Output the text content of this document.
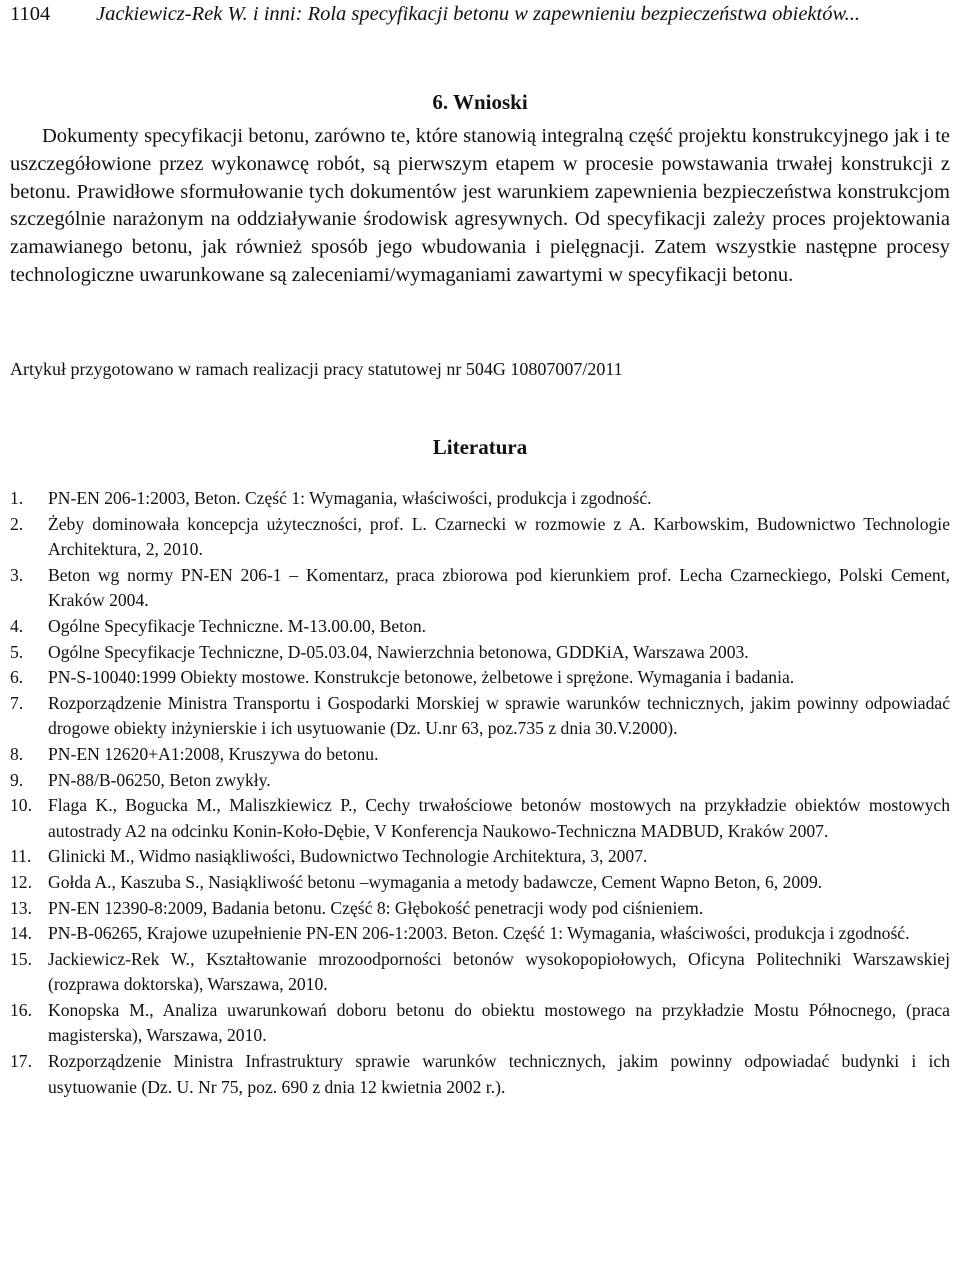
1104 Jackiewicz-Rek W. i inni: Rola specyfikacji betonu w zapewnieniu bezpieczeństwa obiektów...
6. Wnioski
Dokumenty specyfikacji betonu, zarówno te, które stanowią integralną część projektu konstrukcyjnego jak i te uszczegółowione przez wykonawcę robót, są pierwszym etapem w procesie powstawania trwałej konstrukcji z betonu. Prawidłowe sformułowanie tych dokumentów jest warunkiem zapewnienia bezpieczeństwa konstrukcjom szczególnie narażonym na oddziaływanie środowisk agresywnych. Od specyfikacji zależy proces projektowania zamawianego betonu, jak również sposób jego wbudowania i pielęgnacji. Zatem wszystkie następne procesy technologiczne uwarunkowane są zaleceniami/wymaganiami zawartymi w specyfikacji betonu.
Artykuł przygotowano w ramach realizacji pracy statutowej nr 504G 10807007/2011
Literatura
1. PN-EN 206-1:2003, Beton. Część 1: Wymagania, właściwości, produkcja i zgodność.
2. Żeby dominowała koncepcja użyteczności, prof. L. Czarnecki w rozmowie z A. Karbowskim, Budownictwo Technologie Architektura, 2, 2010.
3. Beton wg normy PN-EN 206-1 – Komentarz, praca zbiorowa pod kierunkiem prof. Lecha Czarneckiego, Polski Cement, Kraków 2004.
4. Ogólne Specyfikacje Techniczne. M-13.00.00, Beton.
5. Ogólne Specyfikacje Techniczne, D-05.03.04, Nawierzchnia betonowa, GDDKiA, Warszawa 2003.
6. PN-S-10040:1999 Obiekty mostowe. Konstrukcje betonowe, żelbetowe i sprężone. Wymagania i badania.
7. Rozporządzenie Ministra Transportu i Gospodarki Morskiej w sprawie warunków technicznych, jakim powinny odpowiadać drogowe obiekty inżynierskie i ich usytuowanie (Dz. U.nr 63, poz.735 z dnia 30.V.2000).
8. PN-EN 12620+A1:2008, Kruszywa do betonu.
9. PN-88/B-06250, Beton zwykły.
10. Flaga K., Bogucka M., Maliszkiewicz P., Cechy trwałościowe betonów mostowych na przykładzie obiektów mostowych autostrady A2 na odcinku Konin-Koło-Dębie, V Konferencja Naukowo-Techniczna MADBUD, Kraków 2007.
11. Glinicki M., Widmo nasiąkliwości, Budownictwo Technologie Architektura, 3, 2007.
12. Gołda A., Kaszuba S., Nasiąkliwość betonu –wymagania a metody badawcze, Cement Wapno Beton, 6, 2009.
13. PN-EN 12390-8:2009, Badania betonu. Część 8: Głębokość penetracji wody pod ciśnieniem.
14. PN-B-06265, Krajowe uzupełnienie PN-EN 206-1:2003. Beton. Część 1: Wymagania, właściwości, produkcja i zgodność.
15. Jackiewicz-Rek W., Kształtowanie mrozoodporności betonów wysokopopiołowych, Oficyna Politechniki Warszawskiej (rozprawa doktorska), Warszawa, 2010.
16. Konopska M., Analiza uwarunkowań doboru betonu do obiektu mostowego na przykładzie Mostu Północnego, (praca magisterska), Warszawa, 2010.
17. Rozporządzenie Ministra Infrastruktury sprawie warunków technicznych, jakim powinny odpowiadać budynki i ich usytuowanie (Dz. U. Nr 75, poz. 690 z dnia 12 kwietnia 2002 r.).
